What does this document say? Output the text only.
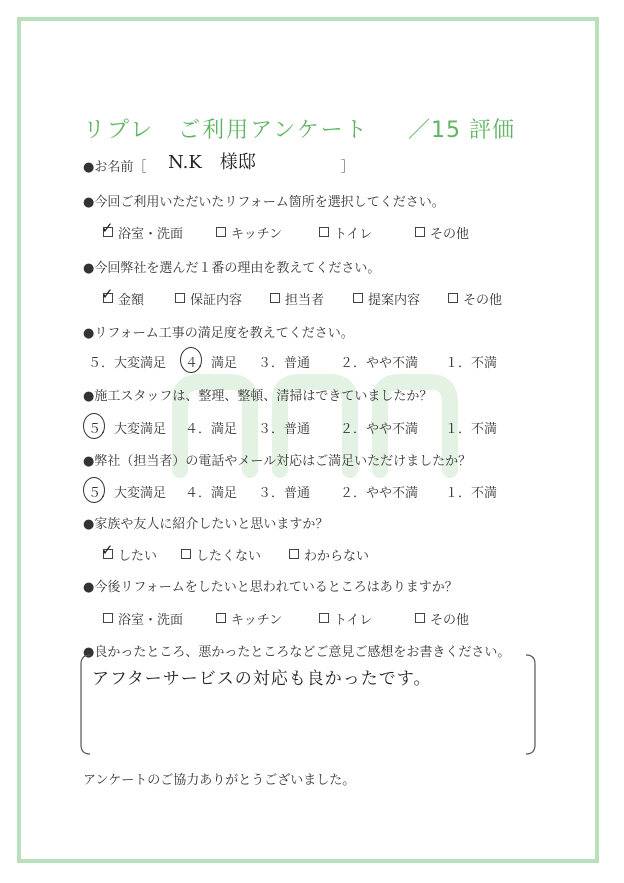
リプレ　ご利用アンケート ／15 評価
●お名前［	］
N.K　様邸
●今回ご利用いただいたリフォーム箇所を選択してください。
✓ 浴室・洗面	キッチン	トイレ	その他
●今回弊社を選んだ１番の理由を教えてください。
✓ 金額	保証内容	担当者	提案内容	その他
●リフォーム工事の満足度を教えてください。
５．大変満足 ４．満足 ３．普通 ２．やや不満 １．不満
●施工スタッフは、整理、整頓、清掃はできていましたか？
５．大変満足 ４．満足 ３．普通 ２．やや不満 １．不満
●弊社（担当者）の電話やメール対応はご満足いただけましたか？
５．大変満足 ４．満足 ３．普通 ２．やや不満 １．不満
●家族や友人に紹介したいと思いますか？
✓ したい	したくない	わからない
●今後リフォームをしたいと思われているところはありますか？
浴室・洗面	キッチン	トイレ	その他
●良かったところ、悪かったところなどご意見ご感想をお書きください。
アフターサービスの対応も良かったです。
アンケートのご協力ありがとうございました。
